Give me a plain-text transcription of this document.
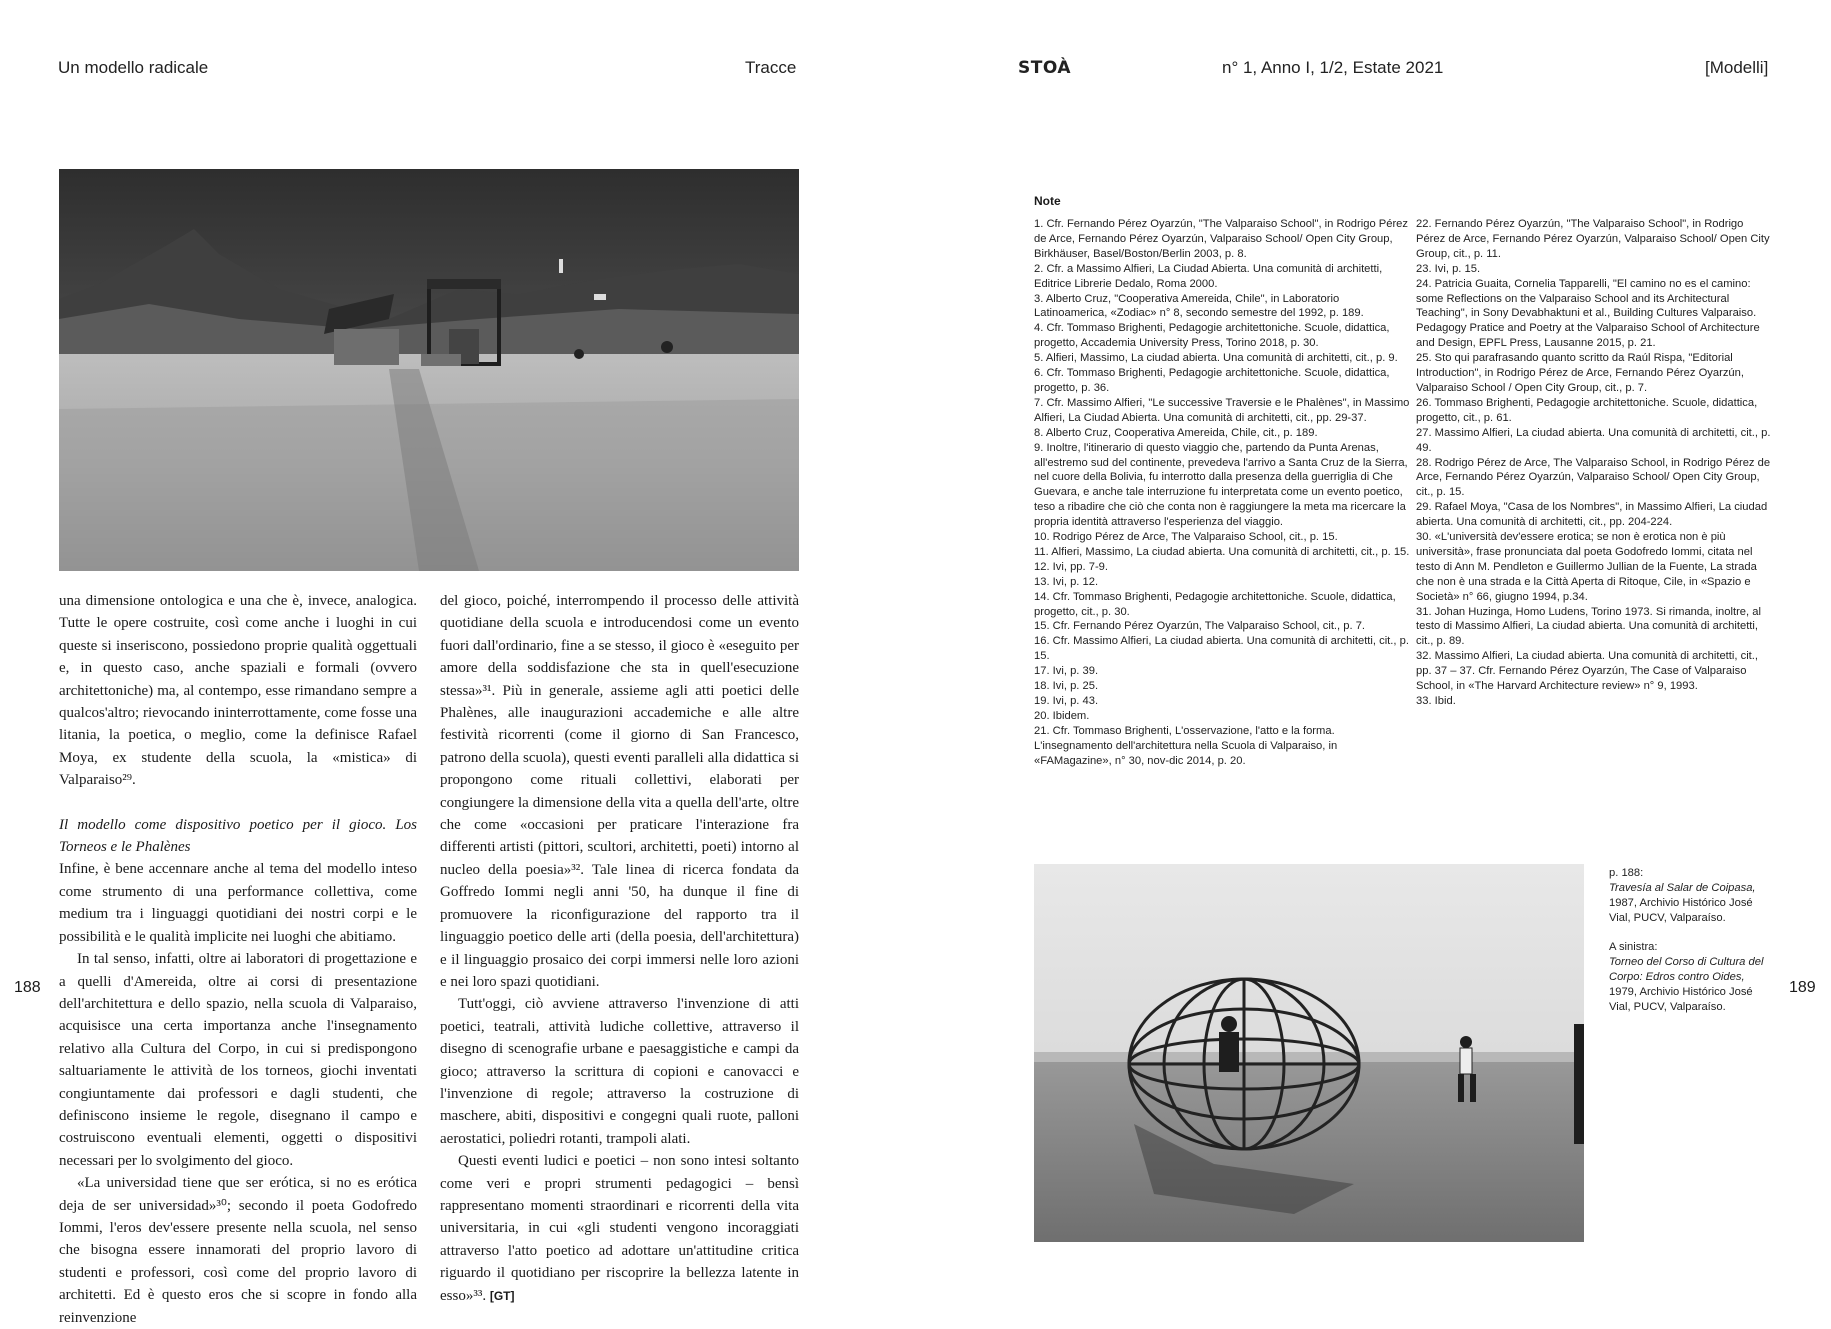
Un modello radicale	Tracce	STOÀ	n° 1, Anno I, 1/2, Estate 2021	[Modelli]

una dimensione ontologica e una che è, invece, analogica. Tutte le opere costruite, così come anche i luoghi in cui queste si inseriscono, possiedono proprie qualità oggettuali e, in questo caso, anche spaziali e formali (ovvero architettoniche) ma, al contempo, esse rimandano sempre a qualcos'altro; rievocando ininterrottamente, come fosse una litania, la poetica, o meglio, come la definisce Rafael Moya, ex studente della scuola, la «mistica» di Valparaiso²⁹.

Il modello come dispositivo poetico per il gioco. Los Torneos e le Phalènes

Infine, è bene accennare anche al tema del modello inteso come strumento di una performance collettiva, come medium tra i linguaggi quotidiani dei nostri corpi e le possibilità e le qualità implicite nei luoghi che abitiamo.

In tal senso, infatti, oltre ai laboratori di progettazione e a quelli d'Amereida, oltre ai corsi di presentazione dell'architettura e dello spazio, nella scuola di Valparaiso, acquisisce una certa importanza anche l'insegnamento relativo alla Cultura del Corpo, in cui si predispongono saltuariamente le attività de los torneos, giochi inventati congiuntamente dai professori e dagli studenti, che definiscono insieme le regole, disegnano il campo e costruiscono eventuali elementi, oggetti o dispositivi necessari per lo svolgimento del gioco.

«La universidad tiene que ser erótica, si no es erótica deja de ser universidad»³⁰; secondo il poeta Godofredo Iommi, l'eros dev'essere presente nella scuola, nel senso che bisogna essere innamorati del proprio lavoro di studenti e professori, così come del proprio lavoro di architetti. Ed è questo eros che si scopre in fondo alla reinvenzione

del gioco, poiché, interrompendo il processo delle attività quotidiane della scuola e introducendosi come un evento fuori dall'ordinario, fine a se stesso, il gioco è «eseguito per amore della soddisfazione che sta in quell'esecuzione stessa»³¹. Più in generale, assieme agli atti poetici delle Phalènes, alle inaugurazioni accademiche e alle altre festività ricorrenti (come il giorno di San Francesco, patrono della scuola), questi eventi paralleli alla didattica si propongono come rituali collettivi, elaborati per congiungere la dimensione della vita a quella dell'arte, oltre che come «occasioni per praticare l'interazione fra differenti artisti (pittori, scultori, architetti, poeti) intorno al nucleo della poesia»³². Tale linea di ricerca fondata da Goffredo Iommi negli anni '50, ha dunque il fine di promuovere la riconfigurazione del rapporto tra il linguaggio poetico delle arti (della poesia, dell'architettura) e il linguaggio prosaico dei corpi immersi nelle loro azioni e nei loro spazi quotidiani.

Tutt'oggi, ciò avviene attraverso l'invenzione di atti poetici, teatrali, attività ludiche collettive, attraverso il disegno di scenografie urbane e paesaggistiche e campi da gioco; attraverso la scrittura di copioni e canovacci e l'invenzione di regole; attraverso la costruzione di maschere, abiti, dispositivi e congegni quali ruote, palloni aerostatici, poliedri rotanti, trampoli alati.

Questi eventi ludici e poetici – non sono intesi soltanto come veri e propri strumenti pedagogici – bensì rappresentano momenti straordinari e ricorrenti della vita universitaria, in cui «gli studenti vengono incoraggiati attraverso l'atto poetico ad adottare un'attitudine critica riguardo il quotidiano per riscoprire la bellezza latente in esso»³³. [GT]

188	189
Note
1. Cfr. Fernando Pérez Oyarzún, "The Valparaiso School", in Rodrigo Pérez de Arce, Fernando Pérez Oyarzún, Valparaiso School/ Open City Group, Birkhäuser, Basel/Boston/Berlin 2003, p. 8.
2. Cfr. a Massimo Alfieri, La Ciudad Abierta. Una comunità di architetti, Editrice Librerie Dedalo, Roma 2000.
3. Alberto Cruz, "Cooperativa Amereida, Chile", in Laboratorio Latinoamerica, «Zodiac» n° 8, secondo semestre del 1992, p. 189.
4. Cfr. Tommaso Brighenti, Pedagogie architettoniche. Scuole, didattica, progetto, Accademia University Press, Torino 2018, p. 30.
5. Alfieri, Massimo, La ciudad abierta. Una comunità di architetti, cit., p. 9.
6. Cfr. Tommaso Brighenti, Pedagogie architettoniche. Scuole, didattica, progetto, p. 36.
7. Cfr. Massimo Alfieri, "Le successive Traversie e le Phalènes", in Massimo Alfieri, La Ciudad Abierta. Una comunità di architetti, cit., pp. 29-37.
8. Alberto Cruz, Cooperativa Amereida, Chile, cit., p. 189.
9. Inoltre, l'itinerario di questo viaggio che, partendo da Punta Arenas, all'estremo sud del continente, prevedeva l'arrivo a Santa Cruz de la Sierra, nel cuore della Bolivia, fu interrotto dalla presenza della guerriglia di Che Guevara, e anche tale interruzione fu interpretata come un evento poetico, teso a ribadire che ciò che conta non è raggiungere la meta ma ricercare la propria identità attraverso l'esperienza del viaggio.
10. Rodrigo Pérez de Arce, The Valparaiso School, cit., p. 15.
11. Alfieri, Massimo, La ciudad abierta. Una comunità di architetti, cit., p. 15.
12. Ivi, pp. 7-9.
13. Ivi, p. 12.
14. Cfr. Tommaso Brighenti, Pedagogie architettoniche. Scuole, didattica, progetto, cit., p. 30.
15. Cfr. Fernando Pérez Oyarzún, The Valparaiso School, cit., p. 7.
16. Cfr. Massimo Alfieri, La ciudad abierta. Una comunità di architetti, cit., p. 15.
17. Ivi, p. 39.
18. Ivi, p. 25.
19. Ivi, p. 43.
20. Ibidem.
21. Cfr. Tommaso Brighenti, L'osservazione, l'atto e la forma. L'insegnamento dell'architettura nella Scuola di Valparaiso, in «FAMagazine», n° 30, nov-dic 2014, p. 20.
22. Fernando Pérez Oyarzún, "The Valparaiso School", in Rodrigo Pérez de Arce, Fernando Pérez Oyarzún, Valparaiso School/ Open City Group, cit., p. 11.
23. Ivi, p. 15.
24. Patricia Guaita, Cornelia Tapparelli, "El camino no es el camino: some Reflections on the Valparaiso School and its Architectural Teaching", in Sony Devabhaktuni et al., Building Cultures Valparaiso. Pedagogy Pratice and Poetry at the Valparaiso School of Architecture and Design, EPFL Press, Lausanne 2015, p. 21.
25. Sto qui parafrasando quanto scritto da Raúl Rispa, "Editorial Introduction", in Rodrigo Pérez de Arce, Fernando Pérez Oyarzún, Valparaiso School / Open City Group, cit., p. 7.
26. Tommaso Brighenti, Pedagogie architettoniche. Scuole, didattica, progetto, cit., p. 61.
27. Massimo Alfieri, La ciudad abierta. Una comunità di architetti, cit., p. 49.
28. Rodrigo Pérez de Arce, The Valparaiso School, in Rodrigo Pérez de Arce, Fernando Pérez Oyarzún, Valparaiso School/ Open City Group, cit., p. 15.
29. Rafael Moya, "Casa de los Nombres", in Massimo Alfieri, La ciudad abierta. Una comunità di architetti, cit., pp. 204-224.
30. «L'università dev'essere erotica; se non è erotica non è più università», frase pronunciata dal poeta Godofredo Iommi, citata nel testo di Ann M. Pendleton e Guillermo Jullian de la Fuente, La strada che non è una strada e la Città Aperta di Ritoque, Cile, in «Spazio e Società» n° 66, giugno 1994, p.34.
31. Johan Huzinga, Homo Ludens, Torino 1973. Si rimanda, inoltre, al testo di Massimo Alfieri, La ciudad abierta. Una comunità di architetti, cit., p. 89.
32. Massimo Alfieri, La ciudad abierta. Una comunità di architetti, cit., pp. 37 – 37. Cfr. Fernando Pérez Oyarzún, The Case of Valparaiso School, in «The Harvard Architecture review» n° 9, 1993.
33. Ibid.
p. 188:
Travesía al Salar de Coipasa,
1987, Archivio Histórico José Vial, PUCV, Valparaíso.
A sinistra:
Torneo del Corso di Cultura del Corpo: Edros contro Oides,
1979, Archivio Histórico José Vial, PUCV, Valparaíso.
